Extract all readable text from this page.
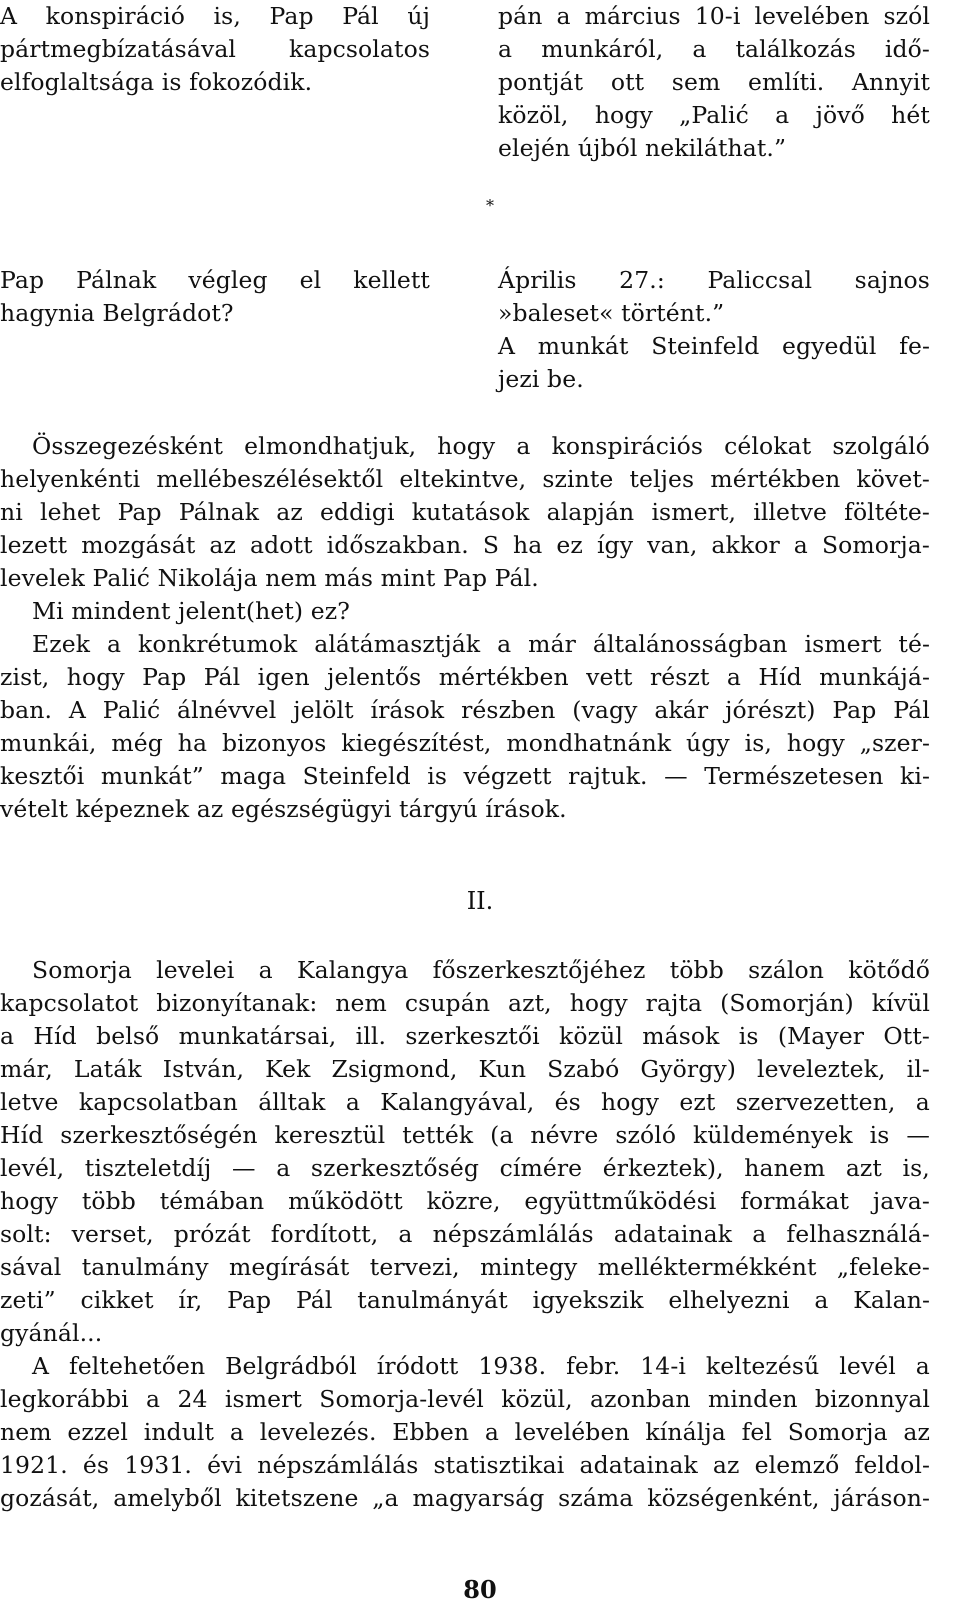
A konspiráció is, Pap Pál új
pártmegbízatásával kapcsolatos
elfoglaltsága is fokozódik.
pán a március 10-i levelében szól
a munkáról, a találkozás idő-
pontját ott sem említi. Annyit
közöl, hogy „Palić a jövő hét
elején újból nekiláthat.”
*
Pap Pálnak végleg el kellett
hagynia Belgrádot?
Április 27.: Paliccsal sajnos
»baleset« történt.”
A munkát Steinfeld egyedül fe-
jezi be.
Összegezésként elmondhatjuk, hogy a konspirációs célokat szolgáló
helyenkénti mellébeszélésektől eltekintve, szinte teljes mértékben követ-
ni lehet Pap Pálnak az eddigi kutatások alapján ismert, illetve föltéte-
lezett mozgását az adott időszakban. S ha ez így van, akkor a Somorja-
levelek Palić Nikolája nem más mint Pap Pál.
Mi mindent jelent(het) ez?
Ezek a konkrétumok alátámasztják a már általánosságban ismert té-
zist, hogy Pap Pál igen jelentős mértékben vett részt a Híd munkájá-
ban. A Palić álnévvel jelölt írások részben (vagy akár jórészt) Pap Pál
munkái, még ha bizonyos kiegészítést, mondhatnánk úgy is, hogy „szer-
kesztői munkát” maga Steinfeld is végzett rajtuk. — Természetesen ki-
vételt képeznek az egészségügyi tárgyú írások.
II.
Somorja levelei a Kalangya főszerkesztőjéhez több szálon kötődő
kapcsolatot bizonyítanak: nem csupán azt, hogy rajta (Somorján) kívül
a Híd belső munkatársai, ill. szerkesztői közül mások is (Mayer Ott-
már, Laták István, Kek Zsigmond, Kun Szabó György) leveleztek, il-
letve kapcsolatban álltak a Kalangyával, és hogy ezt szervezetten, a
Híd szerkesztőségén keresztül tették (a névre szóló küldemények is —
levél, tiszteletdíj — a szerkesztőség címére érkeztek), hanem azt is,
hogy több témában működött közre, együttműködési formákat java-
solt: verset, prózát fordított, a népszámlálás adatainak a felhasználá-
sával tanulmány megírását tervezi, mintegy melléktermékként „feleke-
zeti” cikket ír, Pap Pál tanulmányát igyekszik elhelyezni a Kalan-
gyánál...
A feltehetően Belgrádból íródott 1938. febr. 14-i keltezésű levél a
legkorábbi a 24 ismert Somorja-levél közül, azonban minden bizonnyal
nem ezzel indult a levelezés. Ebben a levelében kínálja fel Somorja az
1921. és 1931. évi népszámlálás statisztikai adatainak az elemző feldol-
gozását, amelyből kitetszene „a magyarság száma községenként, járáson-
80
